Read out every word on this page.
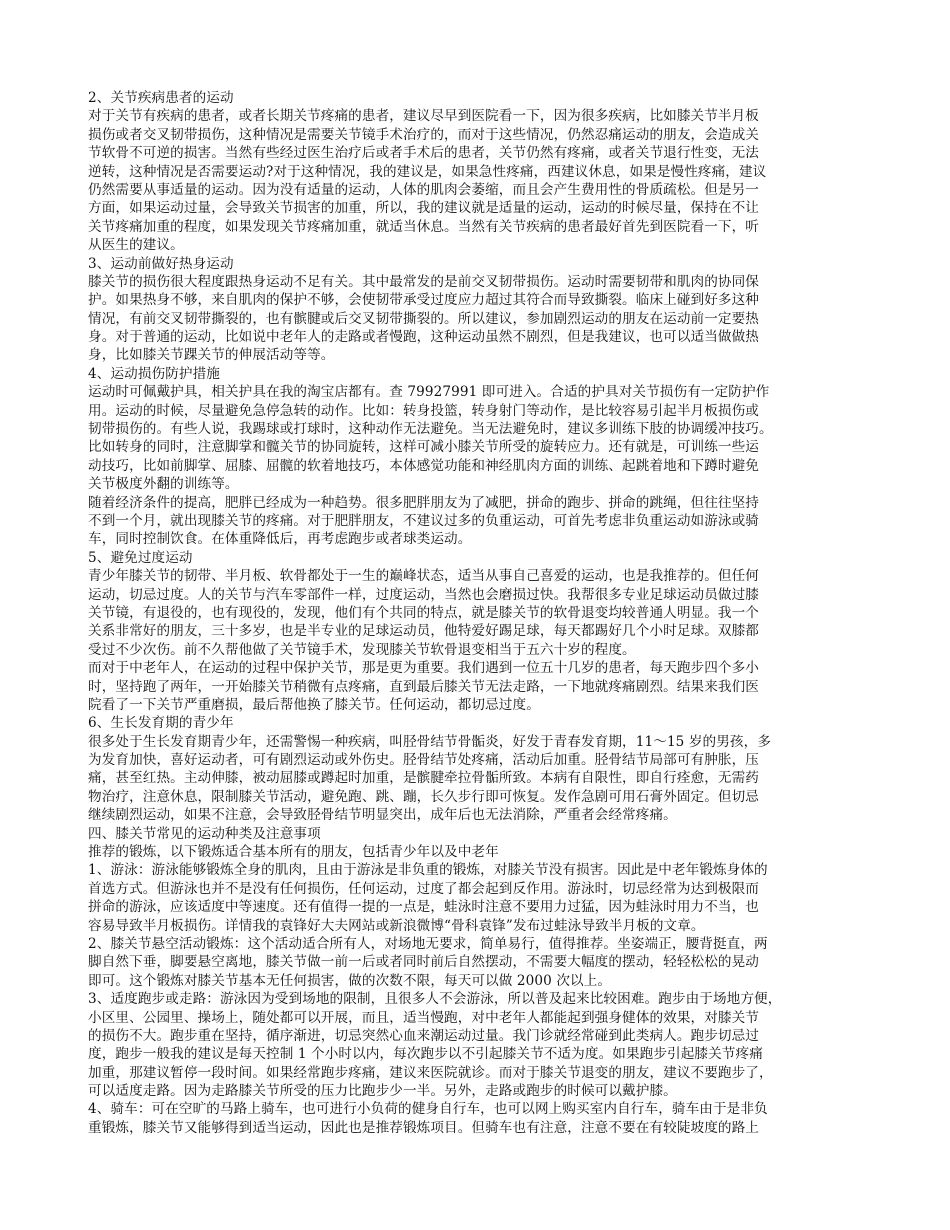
2、关节疾病患者的运动
对于关节有疾病的患者，或者长期关节疼痛的患者，建议尽早到医院看一下，因为很多疾病，比如膝关节半月板
损伤或者交叉韧带损伤，这种情况是需要关节镜手术治疗的，而对于这些情况，仍然忍痛运动的朋友，会造成关
节软骨不可逆的损害。当然有些经过医生治疗后或者手术后的患者，关节仍然有疼痛，或者关节退行性变，无法
逆转，这种情况是否需要运动?对于这种情况，我的建议是，如果急性疼痛，西建议休息，如果是慢性疼痛，建议
仍然需要从事适量的运动。因为没有适量的运动，人体的肌肉会萎缩，而且会产生费用性的骨质疏松。但是另一
方面，如果运动过量，会导致关节损害的加重，所以，我的建议就是适量的运动，运动的时候尽量，保持在不让
关节疼痛加重的程度，如果发现关节疼痛加重，就适当休息。当然有关节疾病的患者最好首先到医院看一下，听
从医生的建议。
3、运动前做好热身运动
膝关节的损伤很大程度跟热身运动不足有关。其中最常发的是前交叉韧带损伤。运动时需要韧带和肌肉的协同保
护。如果热身不够，来自肌肉的保护不够，会使韧带承受过度应力超过其符合而导致撕裂。临床上碰到好多这种
情况，有前交叉韧带撕裂的，也有髌腱或后交叉韧带撕裂的。所以建议，参加剧烈运动的朋友在运动前一定要热
身。对于普通的运动，比如说中老年人的走路或者慢跑，这种运动虽然不剧烈，但是我建议，也可以适当做做热
身，比如膝关节踝关节的伸展活动等等。
4、运动损伤防护措施
运动时可佩戴护具，相关护具在我的淘宝店都有。查 79927991 即可进入。合适的护具对关节损伤有一定防护作
用。运动的时候，尽量避免急停急转的动作。比如：转身投篮，转身射门等动作，是比较容易引起半月板损伤或
韧带损伤的。有些人说，我踢球或打球时，这种动作无法避免。当无法避免时，建议多训练下肢的协调缓冲技巧。
比如转身的同时，注意脚掌和髋关节的协同旋转，这样可减小膝关节所受的旋转应力。还有就是，可训练一些运
动技巧，比如前脚掌、屈膝、屈髋的软着地技巧，本体感觉功能和神经肌肉方面的训练、起跳着地和下蹲时避免
关节极度外翻的训练等。
随着经济条件的提高，肥胖已经成为一种趋势。很多肥胖朋友为了减肥，拼命的跑步、拼命的跳绳，但往往坚持
不到一个月，就出现膝关节的疼痛。对于肥胖朋友，不建议过多的负重运动，可首先考虑非负重运动如游泳或骑
车，同时控制饮食。在体重降低后，再考虑跑步或者球类运动。
5、避免过度运动
青少年膝关节的韧带、半月板、软骨都处于一生的巅峰状态，适当从事自己喜爱的运动，也是我推荐的。但任何
运动，切忌过度。人的关节与汽车零部件一样，过度运动，当然也会磨损过快。我帮很多专业足球运动员做过膝
关节镜，有退役的，也有现役的，发现，他们有个共同的特点，就是膝关节的软骨退变均较普通人明显。我一个
关系非常好的朋友，三十多岁，也是半专业的足球运动员，他特爱好踢足球，每天都踢好几个小时足球。双膝都
受过不少次伤。前不久帮他做了关节镜手术，发现膝关节软骨退变相当于五六十岁的程度。
而对于中老年人，在运动的过程中保护关节，那是更为重要。我们遇到一位五十几岁的患者，每天跑步四个多小
时，坚持跑了两年，一开始膝关节稍微有点疼痛，直到最后膝关节无法走路，一下地就疼痛剧烈。结果来我们医
院看了一下关节严重磨损，最后帮他换了膝关节。任何运动，都切忌过度。
6、生长发育期的青少年
很多处于生长发育期青少年，还需警惕一种疾病，叫胫骨结节骨骺炎，好发于青春发育期，11～15 岁的男孩，多
为发育加快，喜好运动者，可有剧烈运动或外伤史。胫骨结节处疼痛，活动后加重。胫骨结节局部可有肿胀，压
痛，甚至红热。主动伸膝，被动屈膝或蹲起时加重，是髌腱牵拉骨骺所致。本病有自限性，即自行痊愈，无需药
物治疗，注意休息，限制膝关节活动，避免跑、跳、蹦，长久步行即可恢复。发作急剧可用石膏外固定。但切忌
继续剧烈运动，如果不注意，会导致胫骨结节明显突出，成年后也无法消除，严重者会经常疼痛。
四、膝关节常见的运动种类及注意事项
推荐的锻炼，以下锻炼适合基本所有的朋友，包括青少年以及中老年
1、游泳：游泳能够锻炼全身的肌肉，且由于游泳是非负重的锻炼，对膝关节没有损害。因此是中老年锻炼身体的
首选方式。但游泳也并不是没有任何损伤，任何运动，过度了都会起到反作用。游泳时，切忌经常为达到极限而
拼命的游泳，应该适度中等速度。还有值得一提的一点是，蛙泳时注意不要用力过猛，因为蛙泳时用力不当，也
容易导致半月板损伤。详情我的袁锋好大夫网站或新浪微博“骨科袁锋”发布过蛙泳导致半月板的文章。
2、膝关节悬空活动锻炼：这个活动适合所有人，对场地无要求，简单易行，值得推荐。坐姿端正，腰背挺直，两
脚自然下垂，脚要悬空离地，膝关节做一前一后或者同时前后自然摆动，不需要大幅度的摆动，轻轻松松的晃动
即可。这个锻炼对膝关节基本无任何损害，做的次数不限，每天可以做 2000 次以上。
3、适度跑步或走路：游泳因为受到场地的限制，且很多人不会游泳，所以普及起来比较困难。跑步由于场地方便，
小区里、公园里、操场上，随处都可以开展，而且，适当慢跑，对中老年人都能起到强身健体的效果，对膝关节
的损伤不大。跑步重在坚持，循序渐进，切忌突然心血来潮运动过量。我门诊就经常碰到此类病人。跑步切忌过
度，跑步一般我的建议是每天控制 1 个小时以内，每次跑步以不引起膝关节不适为度。如果跑步引起膝关节疼痛
加重，那建议暂停一段时间。如果经常跑步疼痛，建议来医院就诊。而对于膝关节退变的朋友，建议不要跑步了，
可以适度走路。因为走路膝关节所受的压力比跑步少一半。另外，走路或跑步的时候可以戴护膝。
4、骑车：可在空旷的马路上骑车，也可进行小负荷的健身自行车，也可以网上购买室内自行车，骑车由于是非负
重锻炼，膝关节又能够得到适当运动，因此也是推荐锻炼项目。但骑车也有注意，注意不要在有较陡坡度的路上
